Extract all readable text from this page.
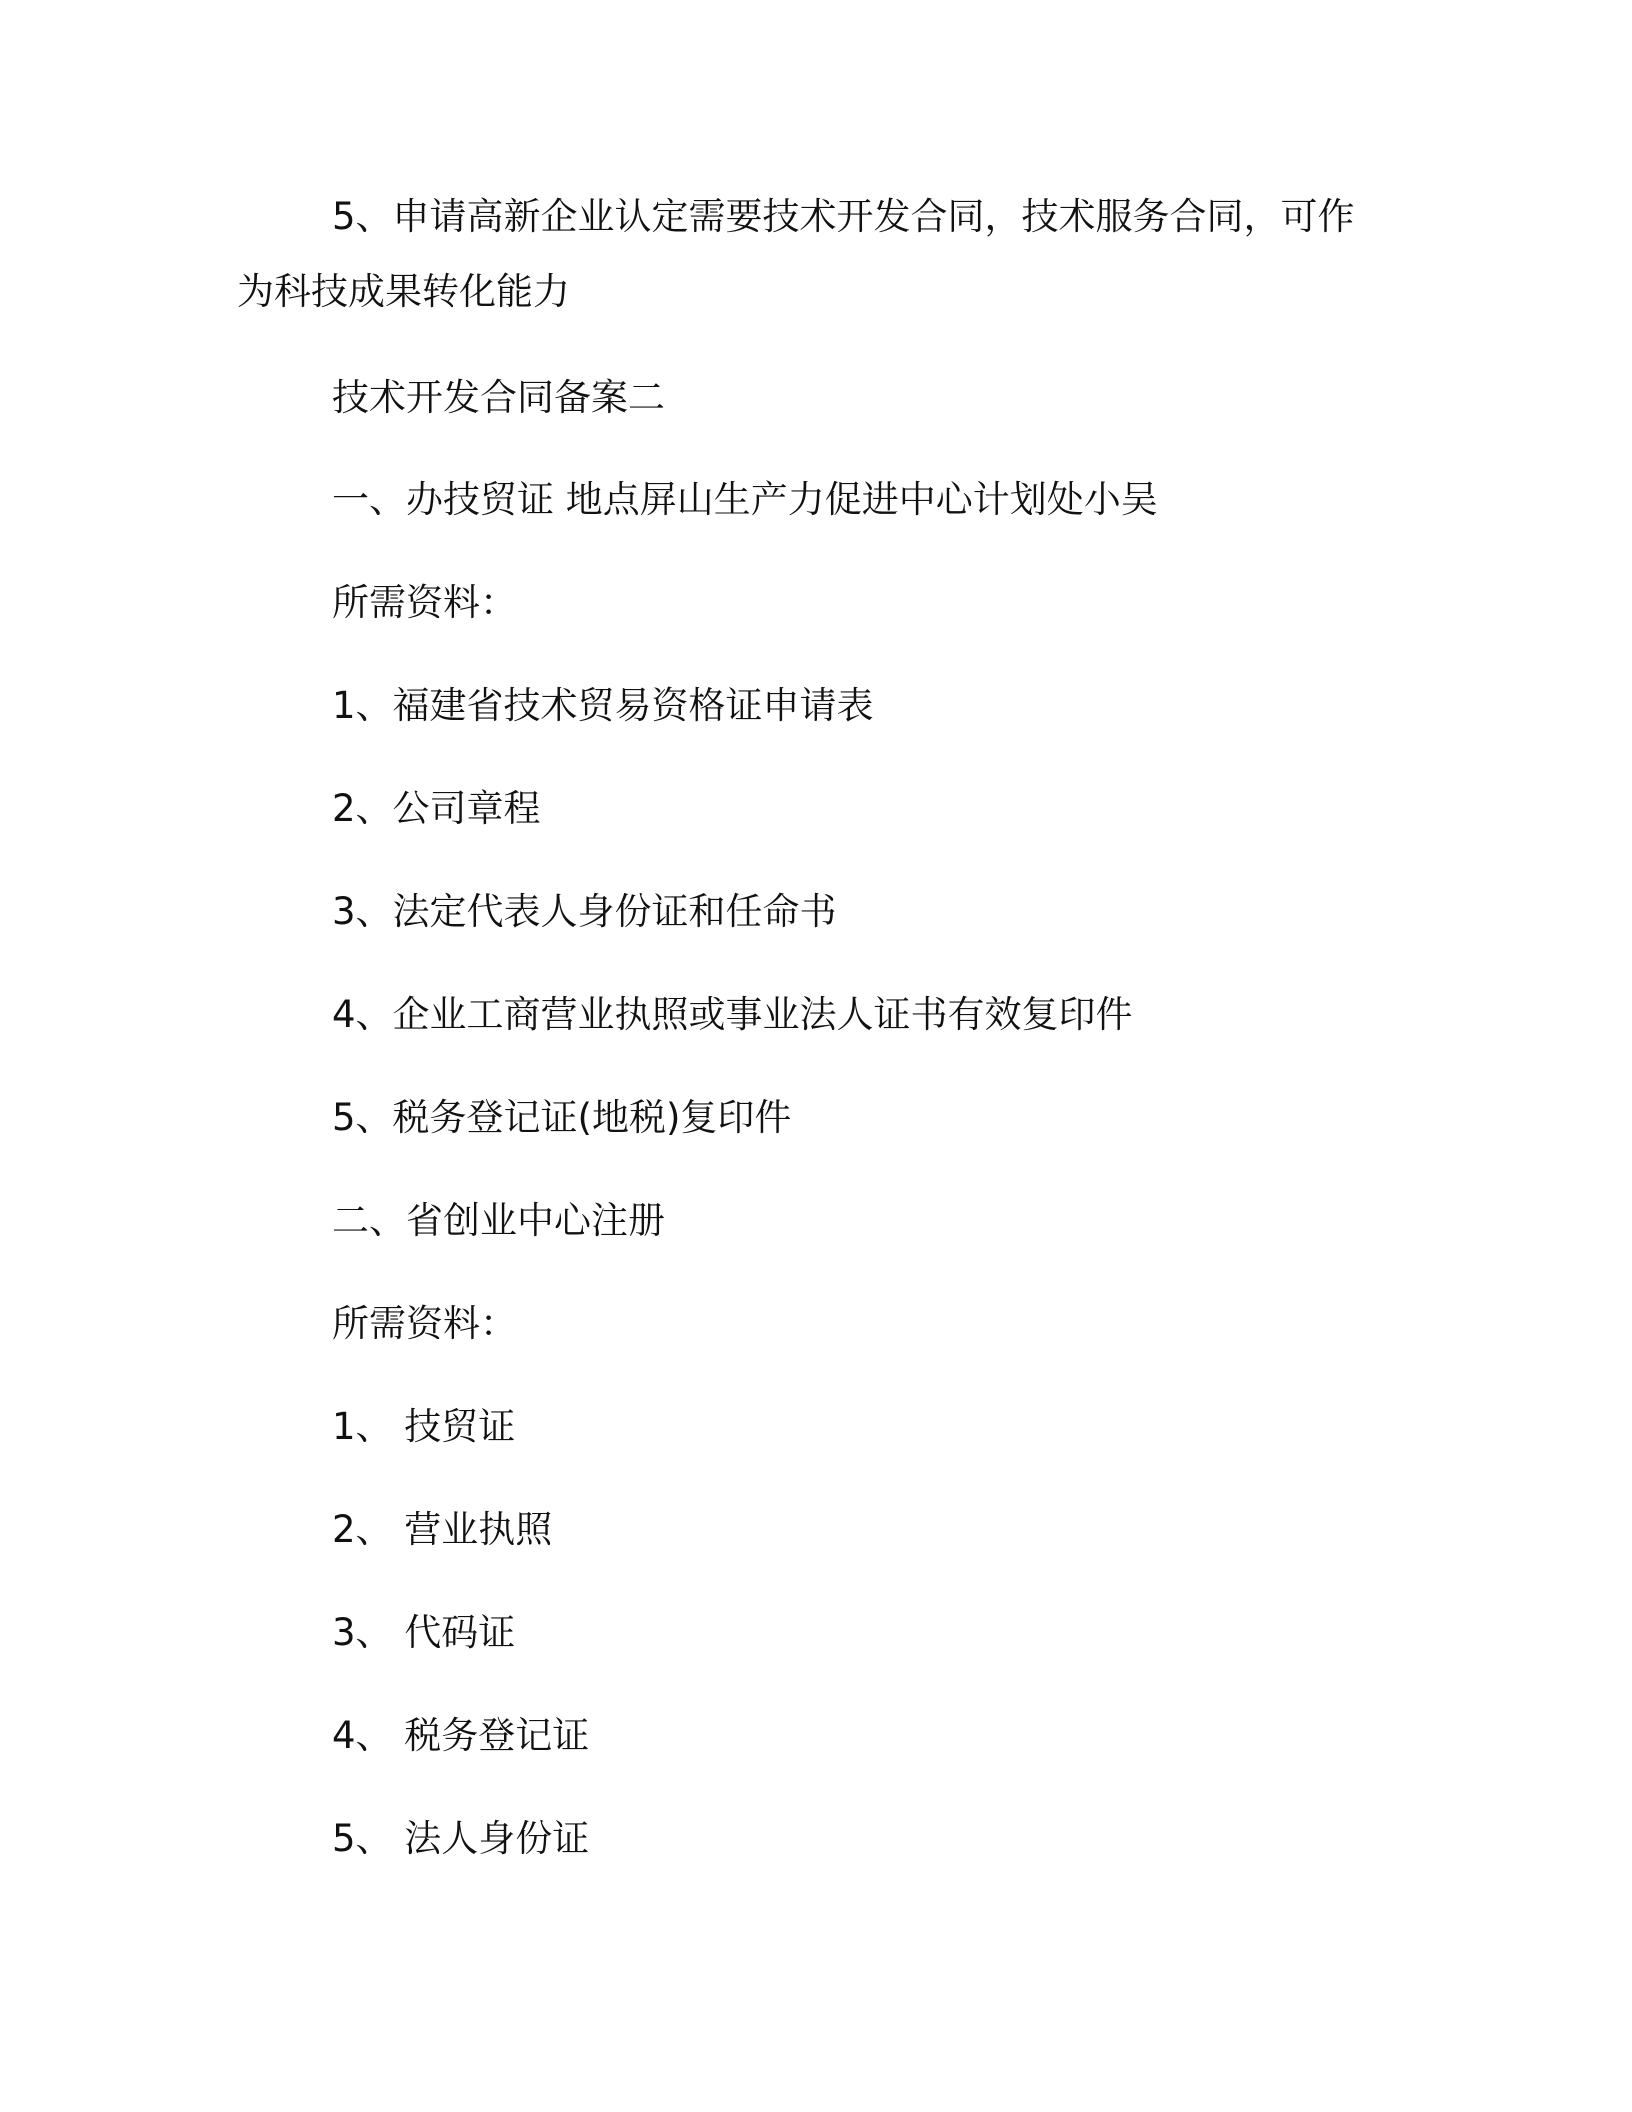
5、申请高新企业认定需要技术开发合同，技术服务合同，可作

为科技成果转化能力

技术开发合同备案二

一、办技贸证 地点屏山生产力促进中心计划处小吴

所需资料：

1、福建省技术贸易资格证申请表

2、公司章程

3、法定代表人身份证和任命书

4、企业工商营业执照或事业法人证书有效复印件

5、税务登记证(地税)复印件

二、省创业中心注册

所需资料：

1、 技贸证

2、 营业执照

3、 代码证

4、 税务登记证

5、 法人身份证
